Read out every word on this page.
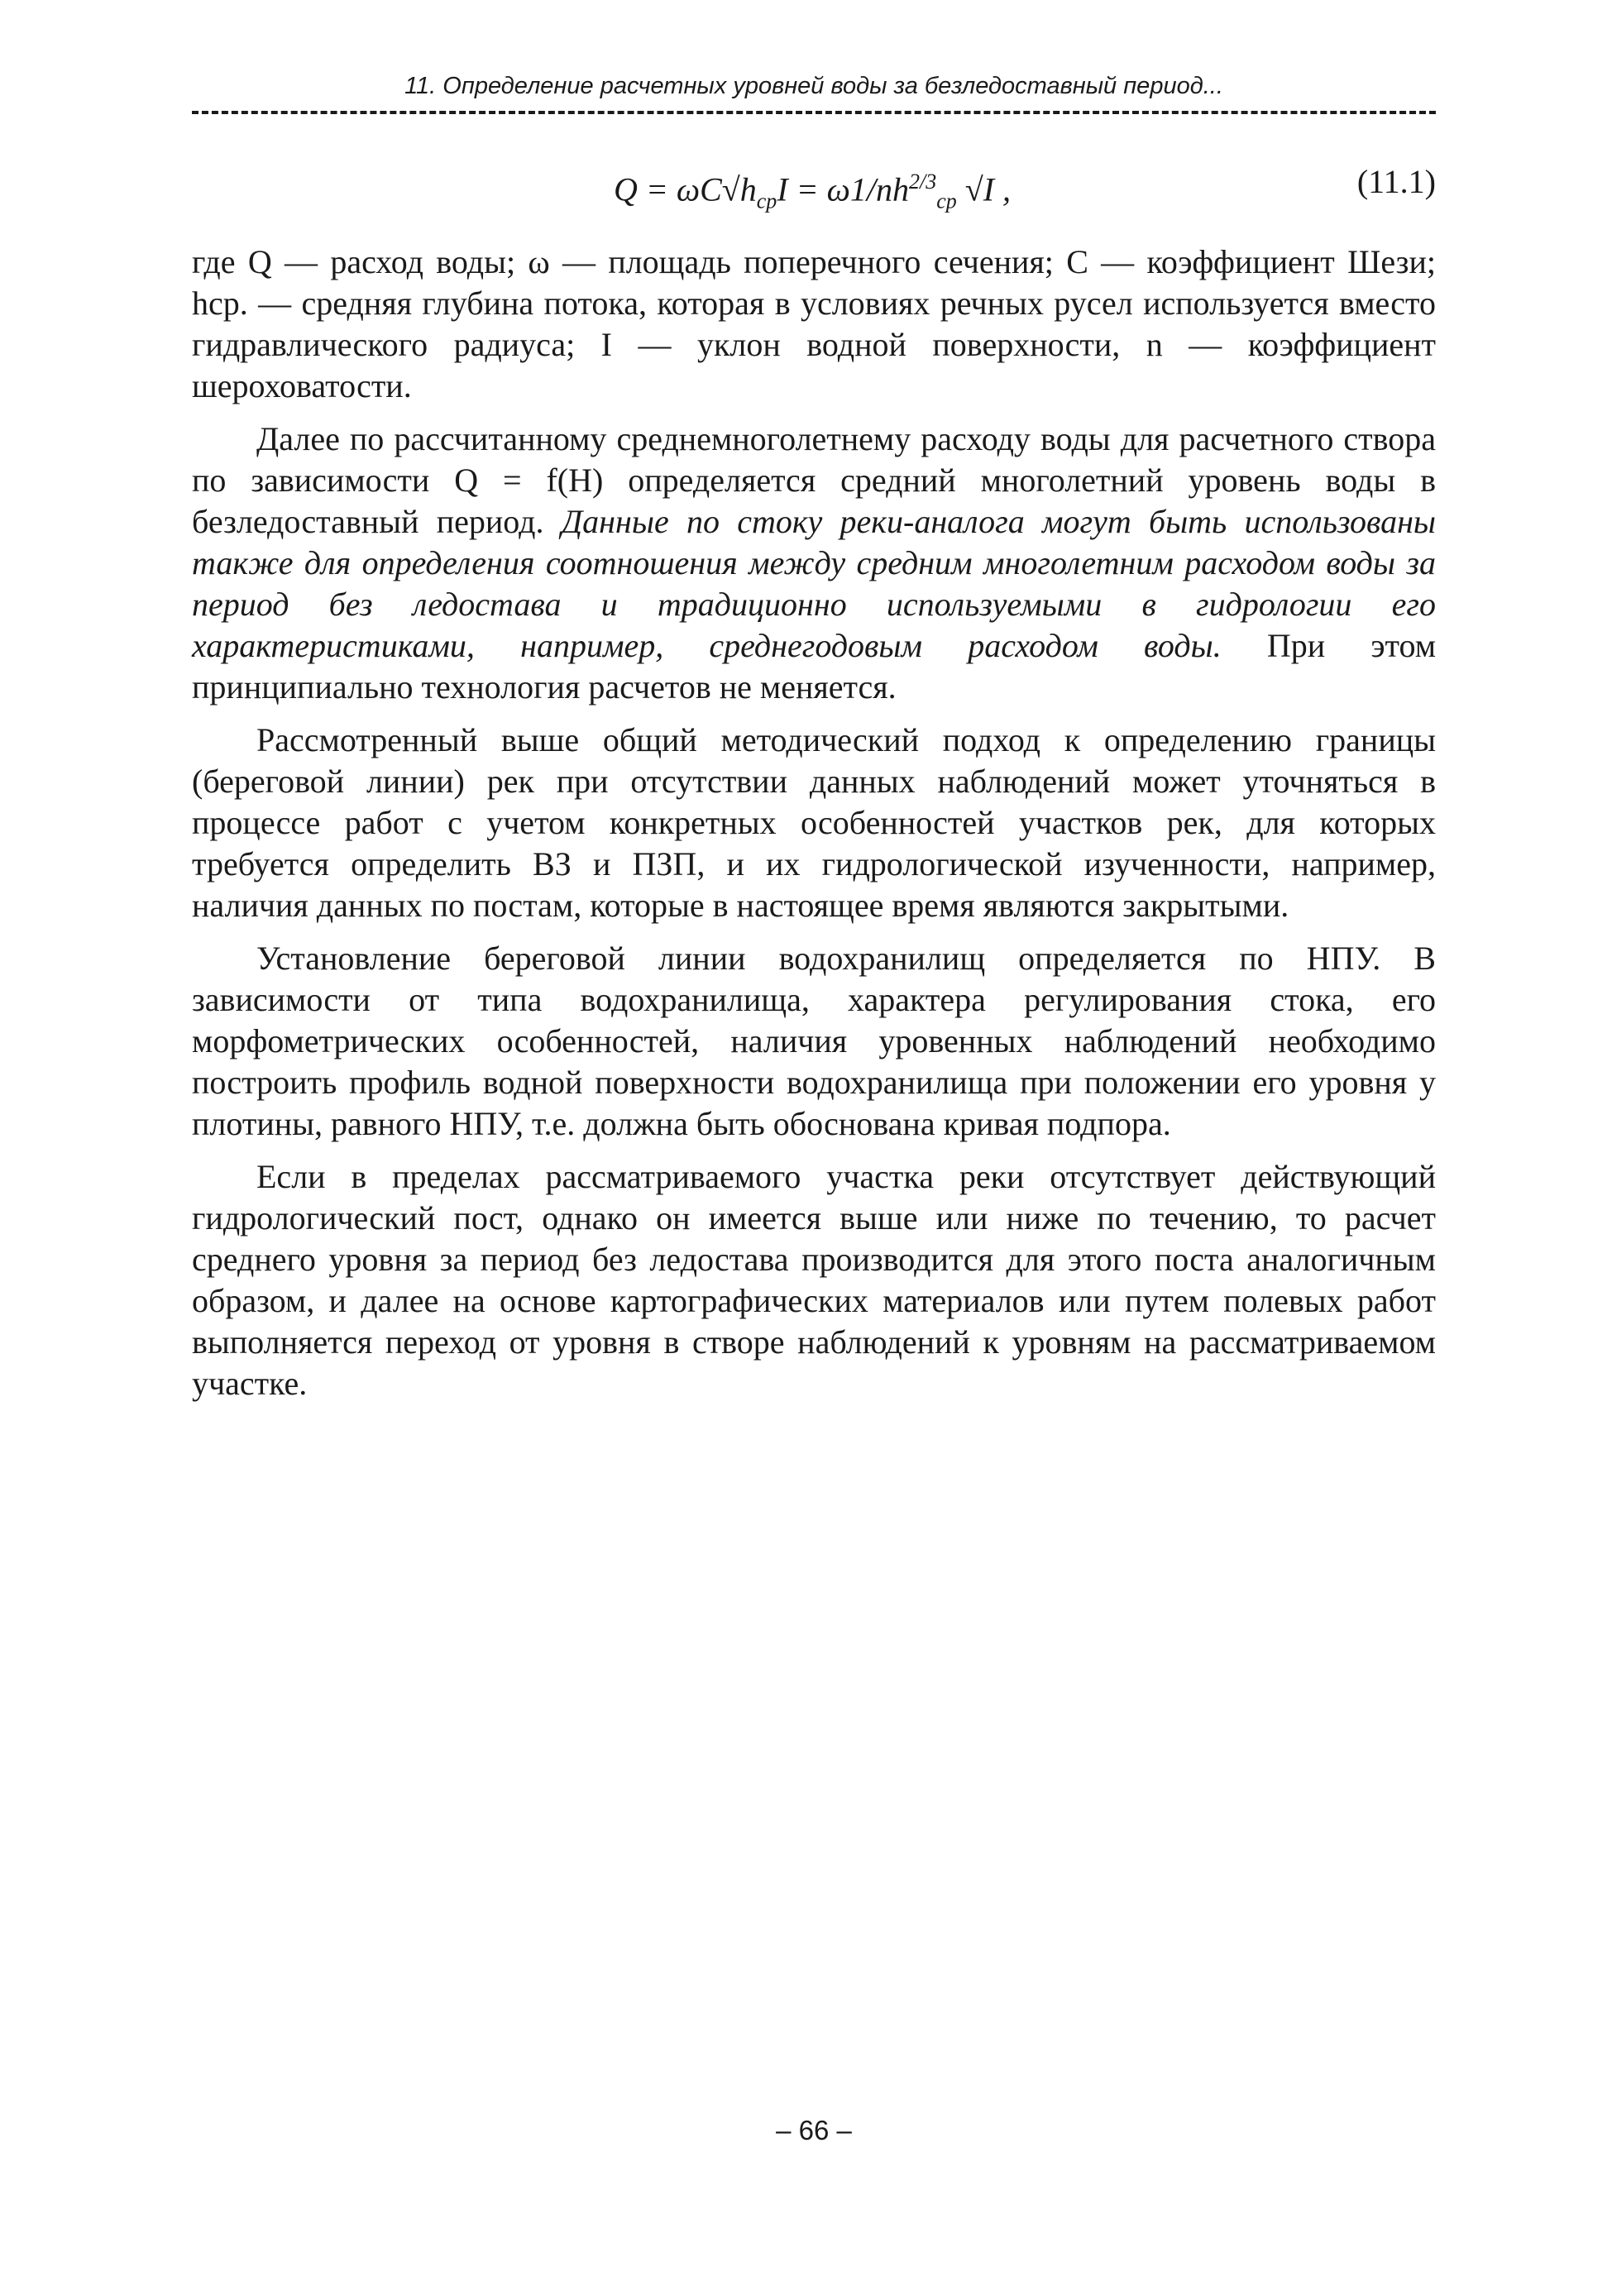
11. Определение расчетных уровней воды за безледоставный период...
$Q = \omega C√h_{ср}I = \omega 1/nh^{2/3}_{ср}$ √I ,	(11.1)

где Q — расход воды; ω — площадь поперечного сечения; C — коэффициент Шези; hср. — средняя глубина потока, которая в условиях речных русел используется вместо гидравлического радиуса; I — уклон водной поверхности, n — коэффициент шероховатости.

Далее по рассчитанному среднемноголетнему расходу воды для расчетного створа по зависимости Q = f(H) определяется средний многолетний уровень воды в безледоставный период. Данные по стоку реки-аналога могут быть использованы также для определения соотношения между средним многолетним расходом воды за период без ледостава и традиционно используемыми в гидрологии его характеристиками, например, среднегодовым расходом воды. При этом принципиально технология расчетов не меняется.

Рассмотренный выше общий методический подход к определению границы (береговой линии) рек при отсутствии данных наблюдений может уточняться в процессе работ с учетом конкретных особенностей участков рек, для которых требуется определить ВЗ и ПЗП, и их гидрологической изученности, например, наличия данных по постам, которые в настоящее время являются закрытыми.

Установление береговой линии водохранилищ определяется по НПУ. В зависимости от типа водохранилища, характера регулирования стока, его морфометрических особенностей, наличия уровенных наблюдений необходимо построить профиль водной поверхности водохранилища при положении его уровня у плотины, равного НПУ, т.е. должна быть обоснована кривая подпора.

Если в пределах рассматриваемого участка реки отсутствует действующий гидрологический пост, однако он имеется выше или ниже по течению, то расчет среднего уровня за период без ледостава производится для этого поста аналогичным образом, и далее на основе картографических материалов или путем полевых работ выполняется переход от уровня в створе наблюдений к уровням на рассматриваемом участке.

– 66 –
